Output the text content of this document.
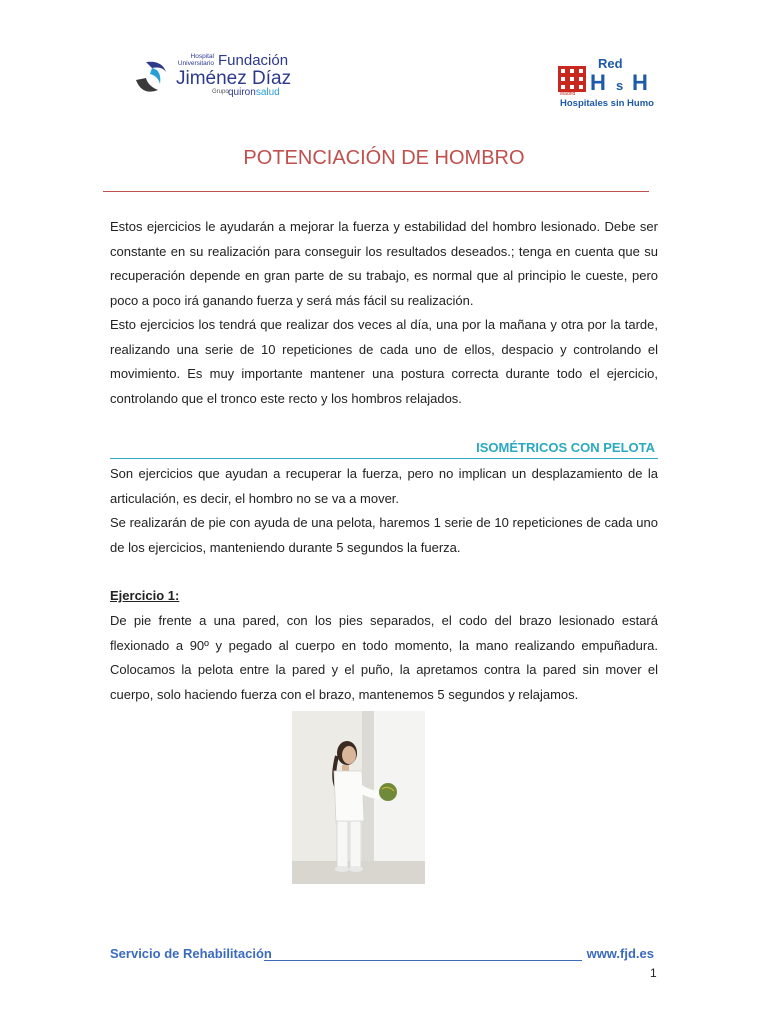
Hospital
Universitario Fundación
Jiménez Díaz
Grupo quironsalud
Red
H s H
Madrid
Hospitales sin Humo
POTENCIACIÓN DE HOMBRO
Estos ejercicios le ayudarán a mejorar la fuerza y estabilidad del hombro lesionado. Debe ser constante en su realización para conseguir los resultados deseados.; tenga en cuenta que su recuperación depende en gran parte de su trabajo, es normal que al principio le cueste, pero poco a poco irá ganando fuerza y será más fácil su realización.
Esto ejercicios los tendrá que realizar dos veces al día, una por la mañana y otra por la tarde, realizando una serie de 10 repeticiones de cada uno de ellos, despacio y controlando el movimiento. Es muy importante mantener una postura correcta durante todo el ejercicio, controlando que el tronco este recto y los hombros relajados.
ISOMÉTRICOS CON PELOTA
Son ejercicios que ayudan a recuperar la fuerza, pero no implican un desplazamiento de la articulación, es decir, el hombro no se va a mover.
Se realizarán de pie con ayuda de una pelota, haremos 1 serie de 10 repeticiones de cada uno de los ejercicios, manteniendo durante 5 segundos la fuerza.
Ejercicio 1:
De pie frente a una pared, con los pies separados, el codo del brazo lesionado estará flexionado a 90º y pegado al cuerpo en todo momento, la mano realizando empuñadura. Colocamos la pelota entre la pared y el puño, la apretamos contra la pared sin mover el cuerpo, solo haciendo fuerza con el brazo, mantenemos 5 segundos y relajamos.
Servicio de Rehabilitación	www.fjd.es
1
